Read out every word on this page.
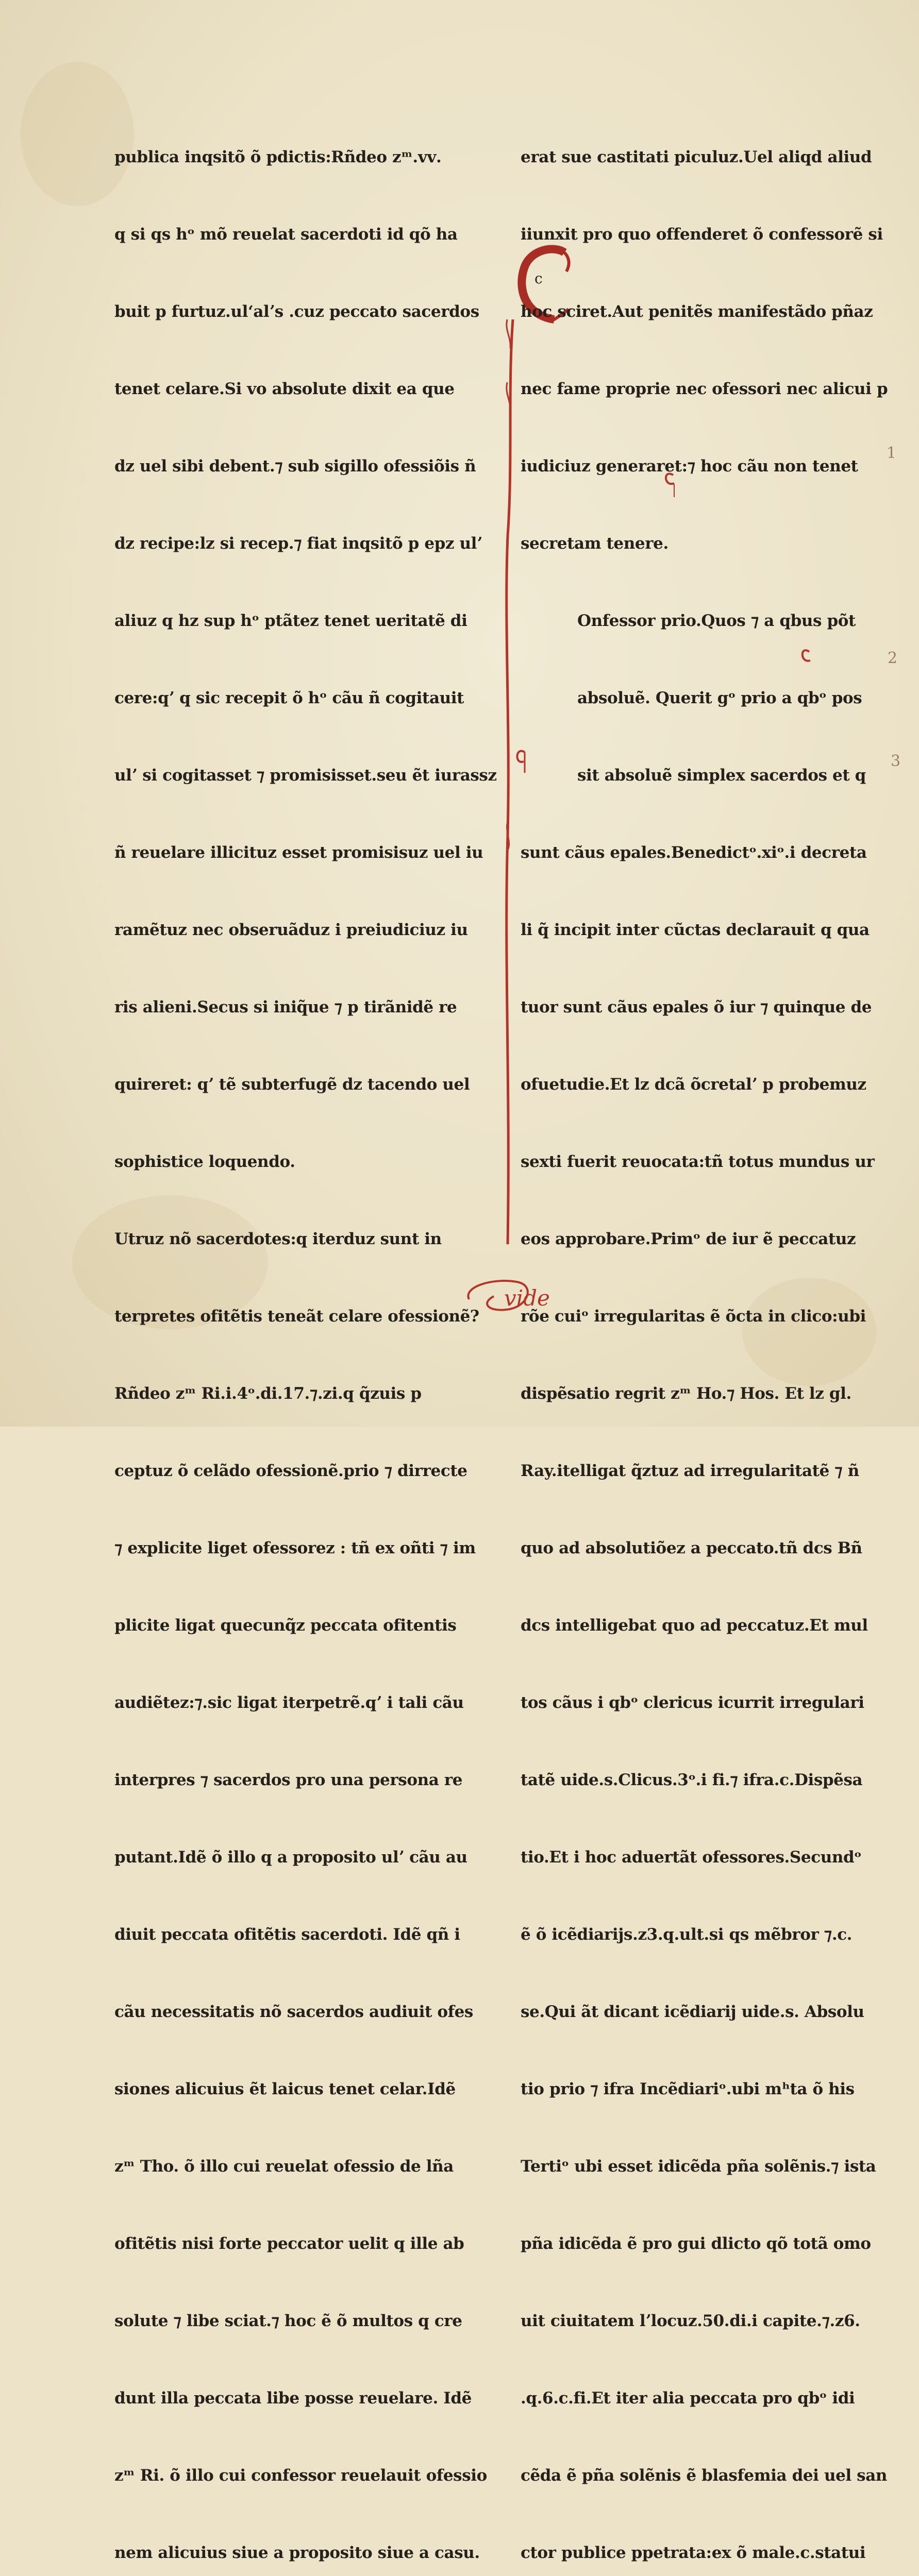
c

publica inqsitõ õ pdictis:Rñdeo zᵐ.ᴠᴠ.

q si qs hᵒ mõ reuelat sacerdoti id qõ ha

buit p furtuz.ulʻalʼs .cuz peccato sacerdos

tenet celare.Si ᴠo absolute dixit ea que

dz uel sibi debent.⁊ sub sigillo ofessiõis ñ

dz recipe:lz si recep.⁊ fiat inqsitõ p epz ulʼ

aliuz q hz sup hᵒ ptãtez tenet ueritatẽ di

cere:qʼ q sic recepit õ hᵒ cãu ñ cogitauit

ulʼ si cogitasset ⁊ promisisset.seu ẽt iurassz

ñ reuelare illicituz esset promisisuz uel iu

ramẽtuz nec obseruãduz i preiudiciuz iu

ris alieni.Secus si iniq̃ue ⁊ p tirãnidẽ re

quireret: qʼ tẽ subterfugẽ dz tacendo uel

sophistice loquendo.

Utruz nõ sacerdotes:q iterduz sunt in

terpretes ofitẽtis teneãt celare ofessionẽ?

Rñdeo zᵐ Ri.i.4ᵒ.di.17.⁊.zi.q q̃zuis p

ceptuz õ celãdo ofessionẽ.prio ⁊ dirrecte

⁊ explicite liget ofessorez : tñ ex oñti ⁊ im

plicite ligat quecunq̃z peccata ofitentis

audiẽtez:⁊.sic ligat iterpetrẽ.qʼ i tali cãu

interpres ⁊ sacerdos pro una persona re

putant.Idẽ õ illo q a proposito ulʼ cãu au

diuit peccata ofitẽtis sacerdoti. Idẽ qñ i

cãu necessitatis nõ sacerdos audiuit ofes

siones alicuius ẽt laicus tenet celar.Idẽ

zᵐ Tho. õ illo cui reuelat ofessio de lña

ofitẽtis nisi forte peccator uelit q ille ab

solute ⁊ libe sciat.⁊ hoc ẽ õ multos q cre

dunt illa peccata libe posse reuelare. Idẽ

zᵐ Ri. õ illo cui confessor reuelauit ofessio

nem alicuius siue a proposito siue a casu.

erat sue castitati piculuz.Uel aliqd aliud

iiunxit pro quo offenderet õ confessorẽ si

hoc sciret.Aut penitẽs manifestãdo pñaz

nec fame proprie nec ofessori nec alicui p

iudiciuz generaret:⁊ hoc cãu non tenet

secretam tenere.

Onfessor prio.Quos ⁊ a qbus põt

absoluẽ. Querit gᵒ prio a qbᵒ pos

sit absoluẽ simplex sacerdos et q

sunt cãus epales.Benedictᵒ.xiᵒ.i decreta

li q̃ incipit inter cũctas declarauit q qua

tuor sunt cãus epales õ iur ⁊ quinque de

ofuetudie.Et lz dcã õcretalʼ p probemuz

sexti fuerit reuocata:tñ totus mundus ur

eos approbare.Primᵒ de iur ẽ peccatuz

rõe cuiᵒ irregularitas ẽ õcta in clico:ubi

dispẽsatio regrit zᵐ Ho.⁊ Hos. Et lz gl.

Ray.itelligat q̃ztuz ad irregularitatẽ ⁊ ñ

quo ad absolutiõez a peccato.tñ dcs Bñ

dcs intelligebat quo ad peccatuz.Et mul

tos cãus i qbᵒ clericus icurrit irregulari

tatẽ uide.s.Clicus.3ᵒ.i fi.⁊ ifra.c.Dispẽsa

tio.Et i hoc aduertãt ofessores.Secundᵒ

ẽ õ icẽdiarijs.z3.q.ult.si qs mẽbror ⁊.c.

se.Qui ãt dicant icẽdiarij uide.s. Absolu

tio prio ⁊ ifra Incẽdiariᵒ.ubi mʰta õ his

Tertiᵒ ubi esset idicẽda pña solẽnis.⁊ ista

pña idicẽda ẽ pro gui dlicto qõ totã omo

uit ciuitatem lʼlocuz.50.di.i capite.⁊.z6.

.q.6.c.fi.Et iter alia peccata pro qbᵒ idi

cẽda ẽ pña solẽnis ẽ blasfemia dei uel san

ctor publice ppetrata:ex õ male.c.statui

1
2
3
vide
